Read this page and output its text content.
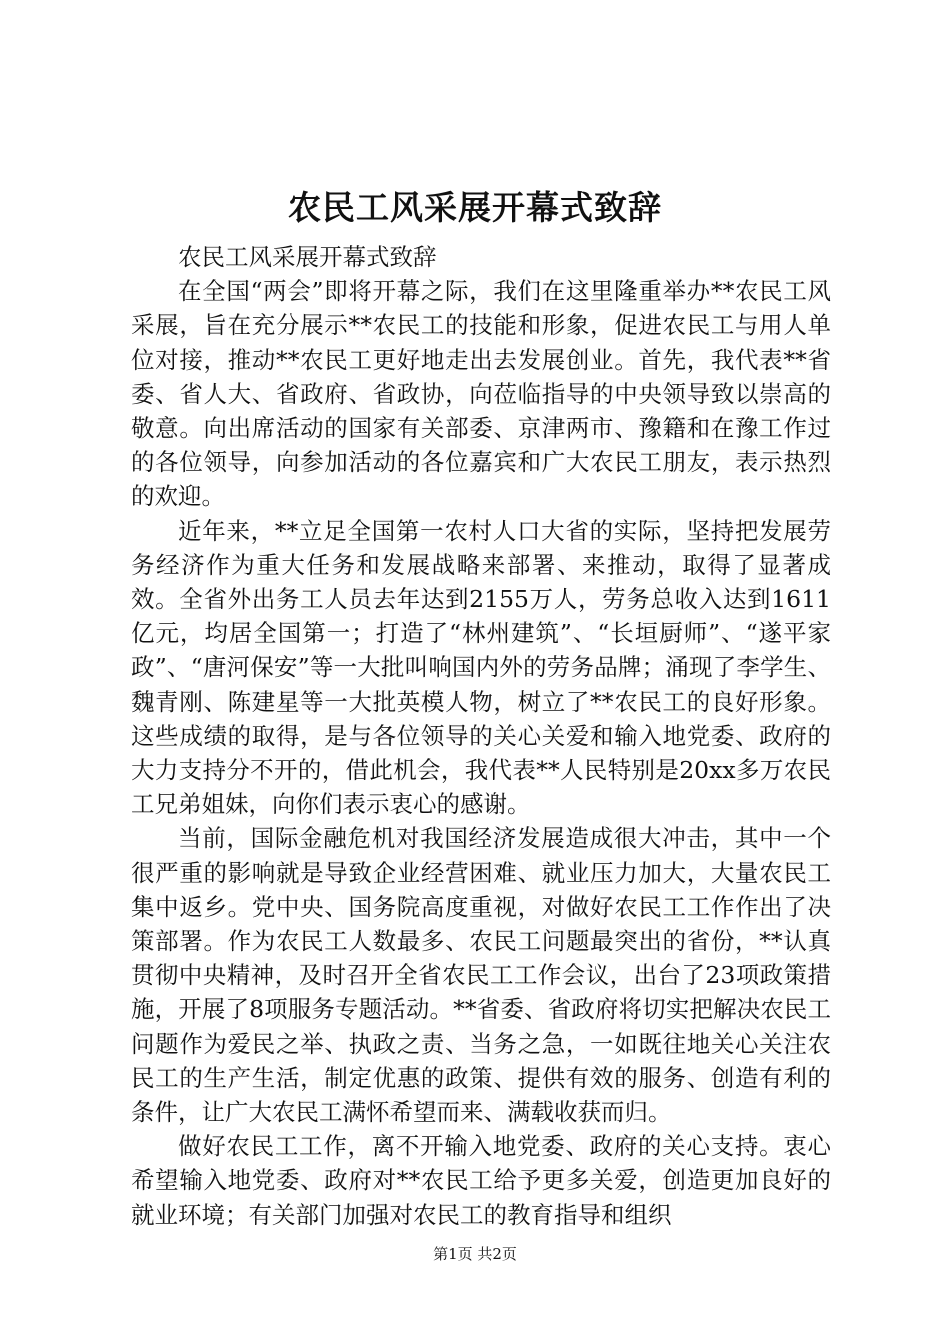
农民工风采展开幕式致辞

农民工风采展开幕式致辞

在全国“两会”即将开幕之际，我们在这里隆重举办**农民工风采展，旨在充分展示**农民工的技能和形象，促进农民工与用人单位对接，推动**农民工更好地走出去发展创业。首先，我代表**省委、省人大、省政府、省政协，向莅临指导的中央领导致以崇高的敬意。向出席活动的国家有关部委、京津两市、豫籍和在豫工作过的各位领导，向参加活动的各位嘉宾和广大农民工朋友，表示热烈的欢迎。

近年来，**立足全国第一农村人口大省的实际，坚持把发展劳务经济作为重大任务和发展战略来部署、来推动，取得了显著成效。全省外出务工人员去年达到2155万人，劳务总收入达到1611亿元，均居全国第一；打造了“林州建筑”、“长垣厨师”、“遂平家政”、“唐河保安”等一大批叫响国内外的劳务品牌；涌现了李学生、魏青刚、陈建星等一大批英模人物，树立了**农民工的良好形象。这些成绩的取得，是与各位领导的关心关爱和输入地党委、政府的大力支持分不开的，借此机会，我代表**人民特别是20xx多万农民工兄弟姐妹，向你们表示衷心的感谢。

当前，国际金融危机对我国经济发展造成很大冲击，其中一个很严重的影响就是导致企业经营困难、就业压力加大，大量农民工集中返乡。党中央、国务院高度重视，对做好农民工工作作出了决策部署。作为农民工人数最多、农民工问题最突出的省份，**认真贯彻中央精神，及时召开全省农民工工作会议，出台了23项政策措施，开展了8项服务专题活动。**省委、省政府将切实把解决农民工问题作为爱民之举、执政之责、当务之急，一如既往地关心关注农民工的生产生活，制定优惠的政策、提供有效的服务、创造有利的条件，让广大农民工满怀希望而来、满载收获而归。

做好农民工工作，离不开输入地党委、政府的关心支持。衷心希望输入地党委、政府对**农民工给予更多关爱，创造更加良好的就业环境；有关部门加强对农民工的教育指导和组织

第1页 共2页
